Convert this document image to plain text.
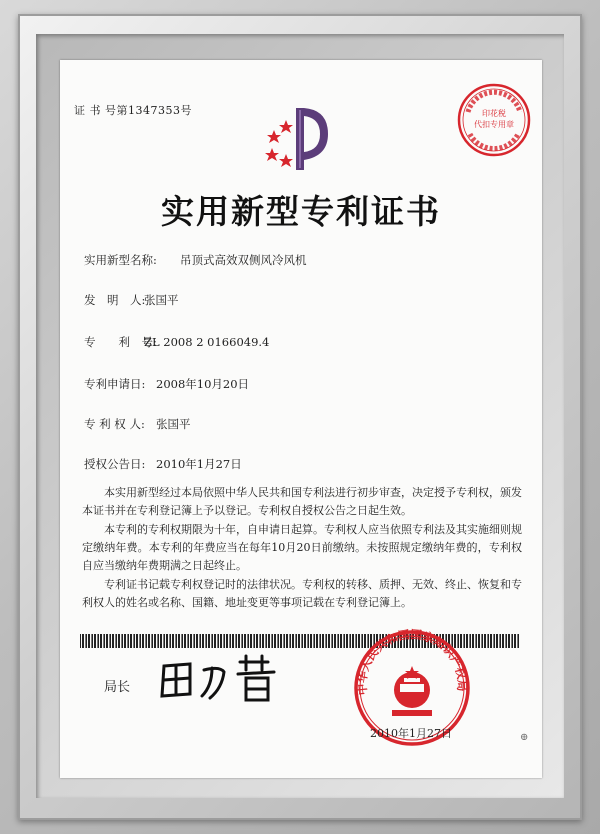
证 书 号第1347353号	印花税
代扣专用章
实用新型专利证书
实用新型名称: 吊顶式高效双侧风冷风机
发　明　人:张国平
专　　利　号:ZL 2008 2 0166049.4
专利申请日: 2008年10月20日
专 利 权 人: 张国平
授权公告日: 2010年1月27日
本实用新型经过本局依照中华人民共和国专利法进行初步审查，决定授予专利权，颁发本证书并在专利登记簿上予以登记。专利权自授权公告之日起生效。
本专利的专利权期限为十年，自申请日起算。专利权人应当依照专利法及其实施细则规定缴纳年费。本专利的年费应当在每年10月20日前缴纳。未按照规定缴纳年费的，专利权自应当缴纳年费期满之日起终止。
专利证书记载专利权登记时的法律状况。专利权的转移、质押、无效、终止、恢复和专利权人的姓名或名称、国籍、地址变更等事项记载在专利登记簿上。
局长	中华人民共和国国家知识产权局
2010年1月27日	⊕
